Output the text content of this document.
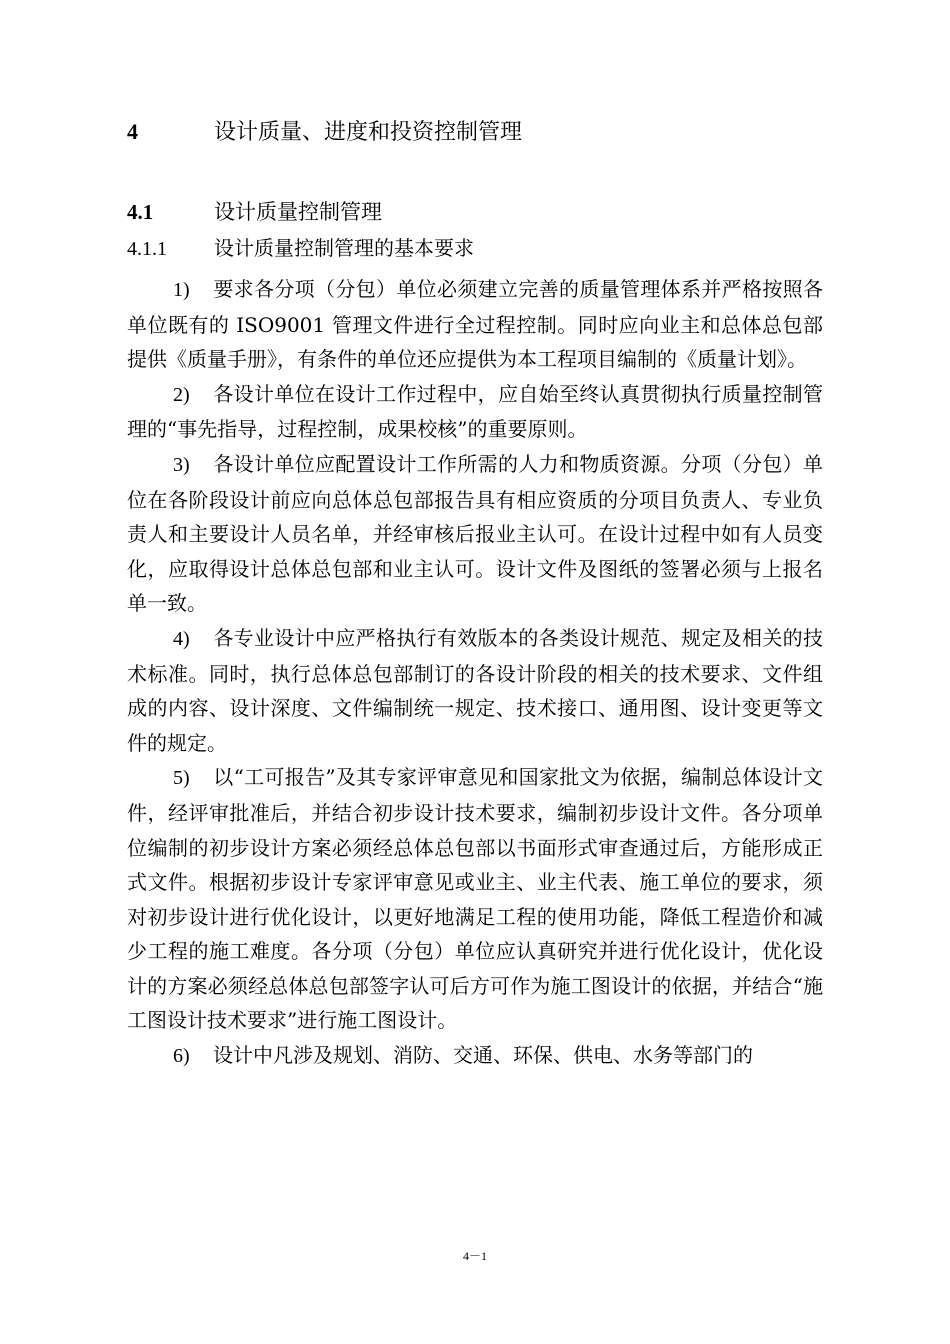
4	设计质量、进度和投资控制管理
4.1	设计质量控制管理
4.1.1 设计质量控制管理的基本要求

1) 要求各分项（分包）单位必须建立完善的质量管理体系并严格按照各单位既有的 ISO9001 管理文件进行全过程控制。同时应向业主和总体总包部提供《质量手册》，有条件的单位还应提供为本工程项目编制的《质量计划》。

2) 各设计单位在设计工作过程中，应自始至终认真贯彻执行质量控制管理的“事先指导，过程控制，成果校核”的重要原则。

3) 各设计单位应配置设计工作所需的人力和物质资源。分项（分包）单位在各阶段设计前应向总体总包部报告具有相应资质的分项目负责人、专业负责人和主要设计人员名单，并经审核后报业主认可。在设计过程中如有人员变化，应取得设计总体总包部和业主认可。设计文件及图纸的签署必须与上报名单一致。

4) 各专业设计中应严格执行有效版本的各类设计规范、规定及相关的技术标准。同时，执行总体总包部制订的各设计阶段的相关的技术要求、文件组成的内容、设计深度、文件编制统一规定、技术接口、通用图、设计变更等文件的规定。

5) 以“工可报告”及其专家评审意见和国家批文为依据，编制总体设计文件，经评审批准后，并结合初步设计技术要求，编制初步设计文件。各分项单位编制的初步设计方案必须经总体总包部以书面形式审查通过后，方能形成正式文件。根据初步设计专家评审意见或业主、业主代表、施工单位的要求，须对初步设计进行优化设计，以更好地满足工程的使用功能，降低工程造价和减少工程的施工难度。各分项（分包）单位应认真研究并进行优化设计，优化设计的方案必须经总体总包部签字认可后方可作为施工图设计的依据，并结合“施工图设计技术要求”进行施工图设计。

6) 设计中凡涉及规划、消防、交通、环保、供电、水务等部门的

4－1
